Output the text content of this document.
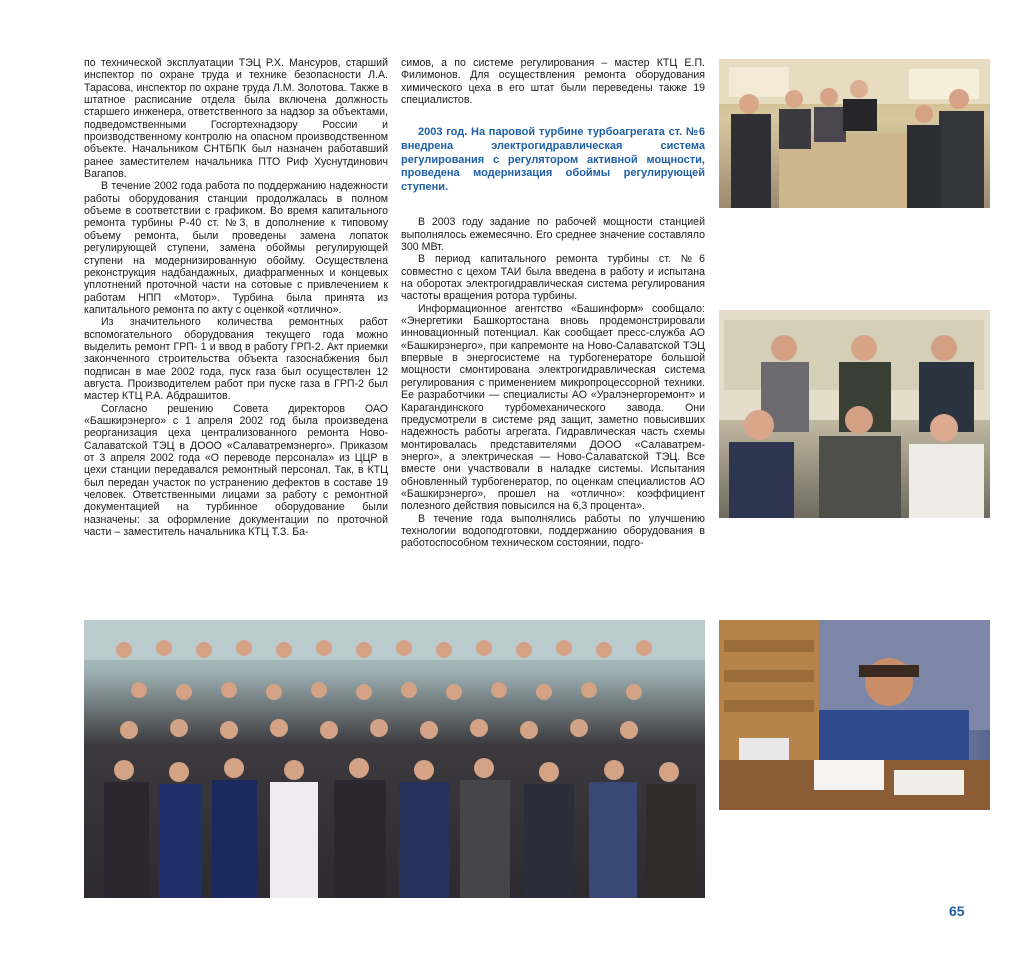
по технической эксплуатации ТЭЦ Р.Х. Мансуров, старший инспектор по охране труда и технике безопасности Л.А. Тарасова, инспектор по охране труда Л.М. Золотова. Также в штатное расписание отдела была включена должность старшего инженера, ответственного за надзор за объектами, подведомственными Госгортехнадзору России и производственному контролю на опасном производственном объекте. Начальником СНТБПК был назначен работавший ранее заместителем начальника ПТО Риф Хуснутдинович Вагапов.

В течение 2002 года работа по поддержанию надежности работы оборудования станции продолжалась в полном объеме в соответствии с графиком. Во время капитального ремонта турбины Р-40 ст. №3, в дополнение к типовому объему ремонта, были проведены замена лопаток регулирующей ступени, замена обоймы регулирующей ступени на модернизированную обойму. Осуществлена реконструкция надбандажных, диафрагменных и концевых уплотнений проточной части на сотовые с привлечением к работам НПП «Мотор». Турбина была принята из капитального ремонта по акту с оценкой «отлично».

Из значительного количества ремонтных работ вспомогательного оборудования текущего года можно выделить ремонт ГРП- 1 и ввод в работу ГРП-2. Акт приемки законченного строительства объекта газоснабжения был подписан в мае 2002 года, пуск газа был осуществлен 12 августа. Производителем работ при пуске газа в ГРП-2 был мастер КТЦ Р.А. Абдрашитов.

Согласно решению Совета директоров ОАО «Башкирэнерго» с 1 апреля 2002 год была произведена реорганизация цеха централизованного ремонта Ново-Салаватской ТЭЦ в ДООО «Салаватремэнерго». Приказом от 3 апреля 2002 года «О переводе персонала» из ЦЦР в цехи станции передавался ремонтный персонал. Так, в КТЦ был передан участок по устранению дефектов в составе 19 человек. Ответственными лицами за работу с ремонтной документацией на турбинное оборудование были назначены: за оформление документации по проточной части – заместитель начальника КТЦ Т.З. Ба-

симов, а по системе регулирования – мастер КТЦ Е.П. Филимонов. Для осуществления ремонта оборудования химического цеха в его штат были переведены также 19 специалистов.

2003 год. На паровой турбине турбоагрегата ст. №6 внедрена электрогидравлическая система регулирования с регулятором активной мощности, проведена модернизация обоймы регулирующей ступени.

В 2003 году задание по рабочей мощности станцией выполнялось ежемесячно. Его среднее значение составляло 300 МВт.

В период капитального ремонта турбины ст. №6 совместно с цехом ТАИ была введена в работу и испытана на оборотах электрогидравлическая система регулирования частоты вращения ротора турбины.

Информационное агентство «Башинформ» сообщало: «Энергетики Башкортостана вновь продемонстрировали инновационный потенциал. Как сообщает пресс-служба АО «Башкирэнерго», при капремонте на Ново-Салаватской ТЭЦ впервые в энергосистеме на турбогенераторе большой мощности смонтирована электрогидравлическая система регулирования с применением микропроцессорной техники. Ее разработчики — специалисты АО «Уралэнергоремонт» и Карагандинского турбомеханического завода. Они предусмотрели в системе ряд защит, заметно повысивших надежность работы агрегата. Гидравлическая часть схемы монтировалась представителями ДООО «Салаватремэнерго», а электрическая — Ново-Салаватской ТЭЦ. Все вместе они участвовали в наладке системы. Испытания обновленный турбогенератор, по оценкам специалистов АО «Башкирэнерго», прошел на «отлично»: коэффициент полезного действия повысился на 6,3 процента».

В течение года выполнялись работы по улучшению технологии водоподготовки, поддержанию оборудования в работоспособном техническом состоянии, подго-

65
